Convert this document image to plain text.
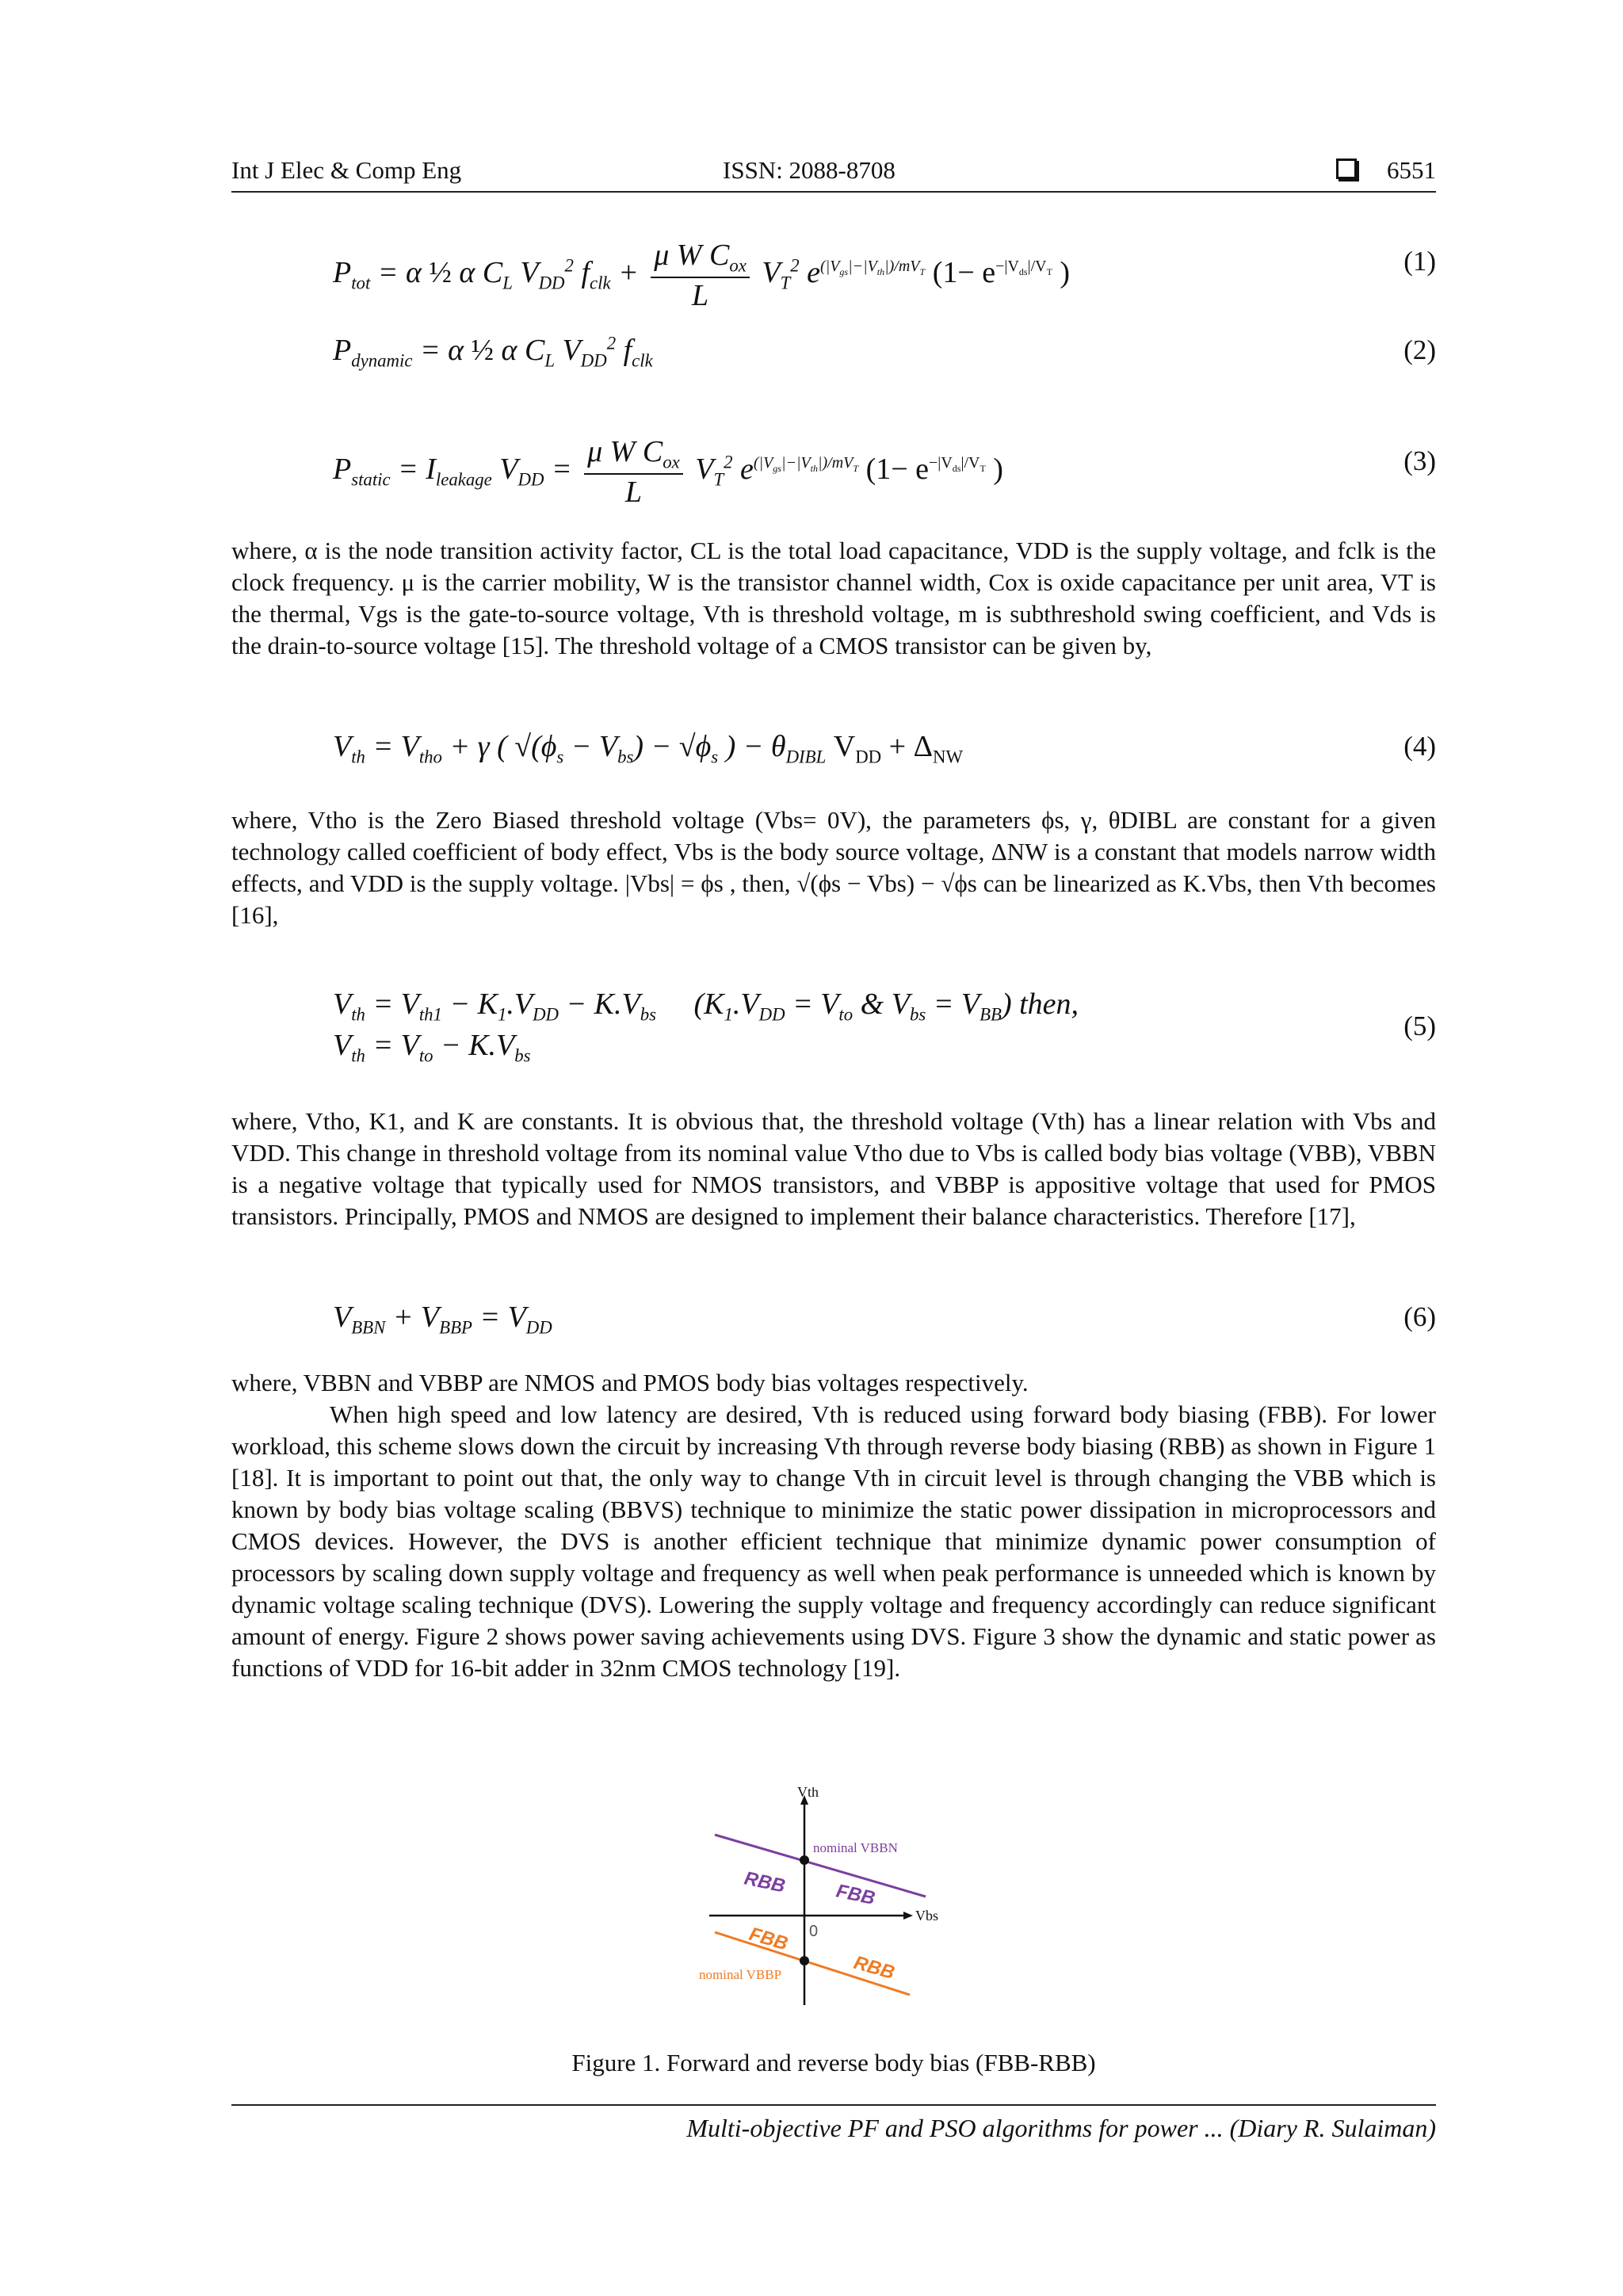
Int J Elec & Comp Eng	ISSN: 2088-8708	6551
$P_{tot} = \alpha$ ½ α $C_L$ $V_{DD}^2$ $f_{clk} + \frac{\mu W C_{ox}}{L} V_T^2$ $e^{(|V_{gs}|-|V_{th}|)/mV_T}$ ($1- e^{-|V_{ds}|/V_T}$ )	(1)
$P_{dynamic} = \alpha$ ½ α $C_L$ $V_{DD}^2$ $f_{clk}$	(2)
$P_{static} = I_{leakage}$ $V_{DD} = \frac{\mu W C_{ox}}{L} V_T^2$ $e^{(|V_{gs}|-|V_{th}|)/mV_T}$ ($1- e^{-|V_{ds}|/V_T}$ )	(3)

where, α is the node transition activity factor, CL is the total load capacitance, VDD is the supply voltage, and fclk is the clock frequency. μ is the carrier mobility, W is the transistor channel width, Cox is oxide capacitance per unit area, VT is the thermal, Vgs is the gate-to-source voltage, Vth is threshold voltage, m is subthreshold swing coefficient, and Vds is the drain-to-source voltage [15]. The threshold voltage of a CMOS transistor can be given by,

$V_{th} = V_{tho} + \gamma$ ( $√(\phi_s - V_{bs}) - √\phi_s$ ) − $\theta_{DIBL}$ $V_{DD} + \Delta_{NW}$	(4)

where, Vtho is the Zero Biased threshold voltage (Vbs= 0V), the parameters ϕs, γ, θDIBL are constant for a given technology called coefficient of body effect, Vbs is the body source voltage, ΔNW is a constant that models narrow width effects, and VDD is the supply voltage. |Vbs| = ϕs , then, √(ϕs − Vbs) − √ϕs can be linearized as K.Vbs, then Vth becomes [16],

$V_{th} = V_{th1} - K_1.V_{DD} - K.V_{bs}$     ($K_1.V_{DD} = V_{to}$ & $V_{bs} = V_{BB}$) then,
$V_{th} = V_{to} - K.V_{bs}$
(5)

where, Vtho, K1, and K are constants. It is obvious that, the threshold voltage (Vth) has a linear relation with Vbs and VDD. This change in threshold voltage from its nominal value Vtho due to Vbs is called body bias voltage (VBB), VBBN is a negative voltage that typically used for NMOS transistors, and VBBP is appositive voltage that used for PMOS transistors. Principally, PMOS and NMOS are designed to implement their balance characteristics. Therefore [17],

$V_{BBN} + V_{BBP} = V_{DD}$	(6)

where, VBBN and VBBP are NMOS and PMOS body bias voltages respectively.

When high speed and low latency are desired, Vth is reduced using forward body biasing (FBB). For lower workload, this scheme slows down the circuit by increasing Vth through reverse body biasing (RBB) as shown in Figure 1 [18]. It is important to point out that, the only way to change Vth in circuit level is through changing the VBB which is known by body bias voltage scaling (BBVS) technique to minimize the static power dissipation in microprocessors and CMOS devices. However, the DVS is another efficient technique that minimize dynamic power consumption of processors by scaling down supply voltage and frequency as well when peak performance is unneeded which is known by dynamic voltage scaling technique (DVS). Lowering the supply voltage and frequency accordingly can reduce significant amount of energy. Figure 2 shows power saving achievements using DVS. Figure 3 show the dynamic and static power as functions of VDD for 16-bit adder in 32nm CMOS technology [19].

Vth
Vbs
0
nominal VBBN
RBB FBB
nominal VBBP
FBB
RBB
Figure 1. Forward and reverse body bias (FBB-RBB)
Multi-objective PF and PSO algorithms for power ... (Diary R. Sulaiman)
